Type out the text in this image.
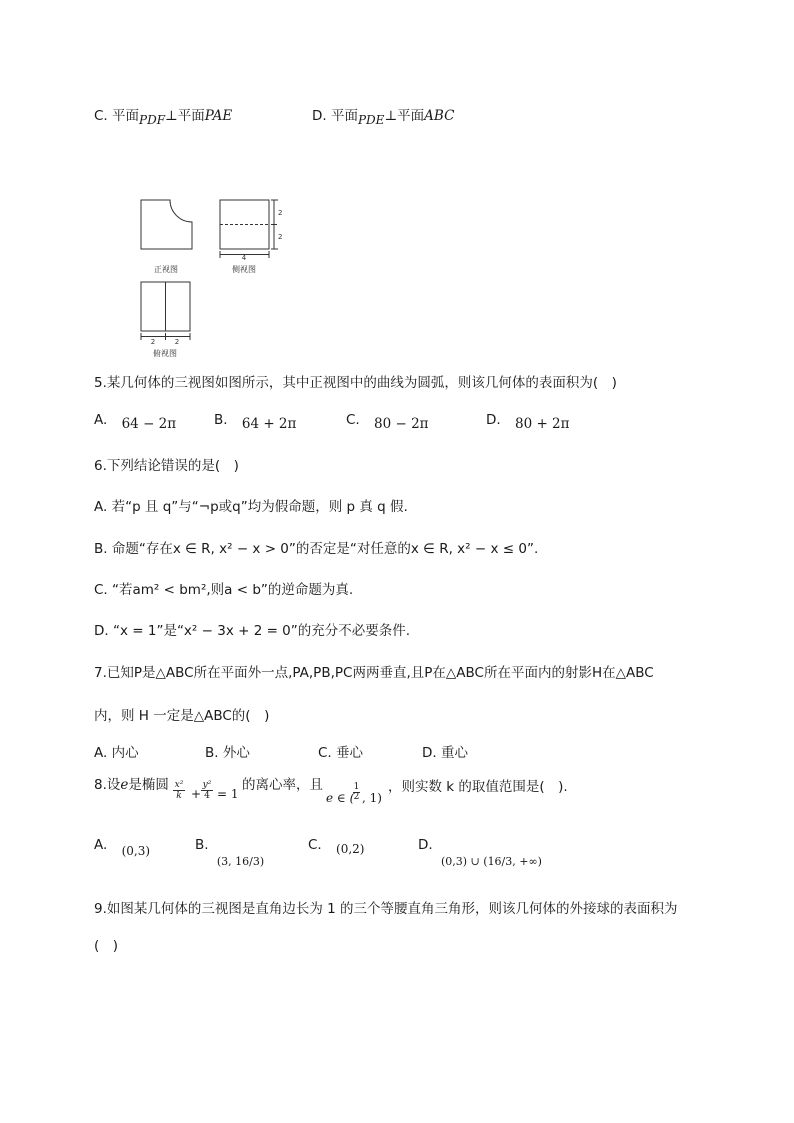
C. 平面PDF⊥平面PAE	D. 平面PDE⊥平面ABC
正视图
2
2
4
侧视图
2	2
俯视图
5.某几何体的三视图如图所示，其中正视图中的曲线为圆弧，则该几何体的表面积为(　)
A. 64 − 2π	B. 64 + 2π	C. 80 − 2π	D. 80 + 2π
6.下列结论错误的是(　)
A. 若“p 且 q”与“¬p或q”均为假命题，则 p 真 q 假.
B. 命题“存在x ∈ R, x² − x > 0”的否定是“对任意的x ∈ R, x² − x ≤ 0”.
C. “若am² < bm²,则a < b”的逆命题为真.
D. “x = 1”是“x² − 3x + 2 = 0”的充分不必要条件.
7.已知P是△ABC所在平面外一点,PA,PB,PC两两垂直,且P在△ABC所在平面内的射影H在△ABC
内，则 H 一定是△ABC的(　)
A. 内心	B. 外心	C. 垂心	D. 重心
8.设e是椭圆 x²
k +
y²
4 = 1
的离心率，且
e ∈ (
1
2 , 1)
，则实数 k 的取值范围是(　).
A. (0,3)	B. $_{(3, 16/3)}$
C. (0,2)	D. $_{(0,3) \cup (16/3, +\infty)}$
9.如图某几何体的三视图是直角边长为 1 的三个等腰直角三角形，则该几何体的外接球的表面积为
(　)
